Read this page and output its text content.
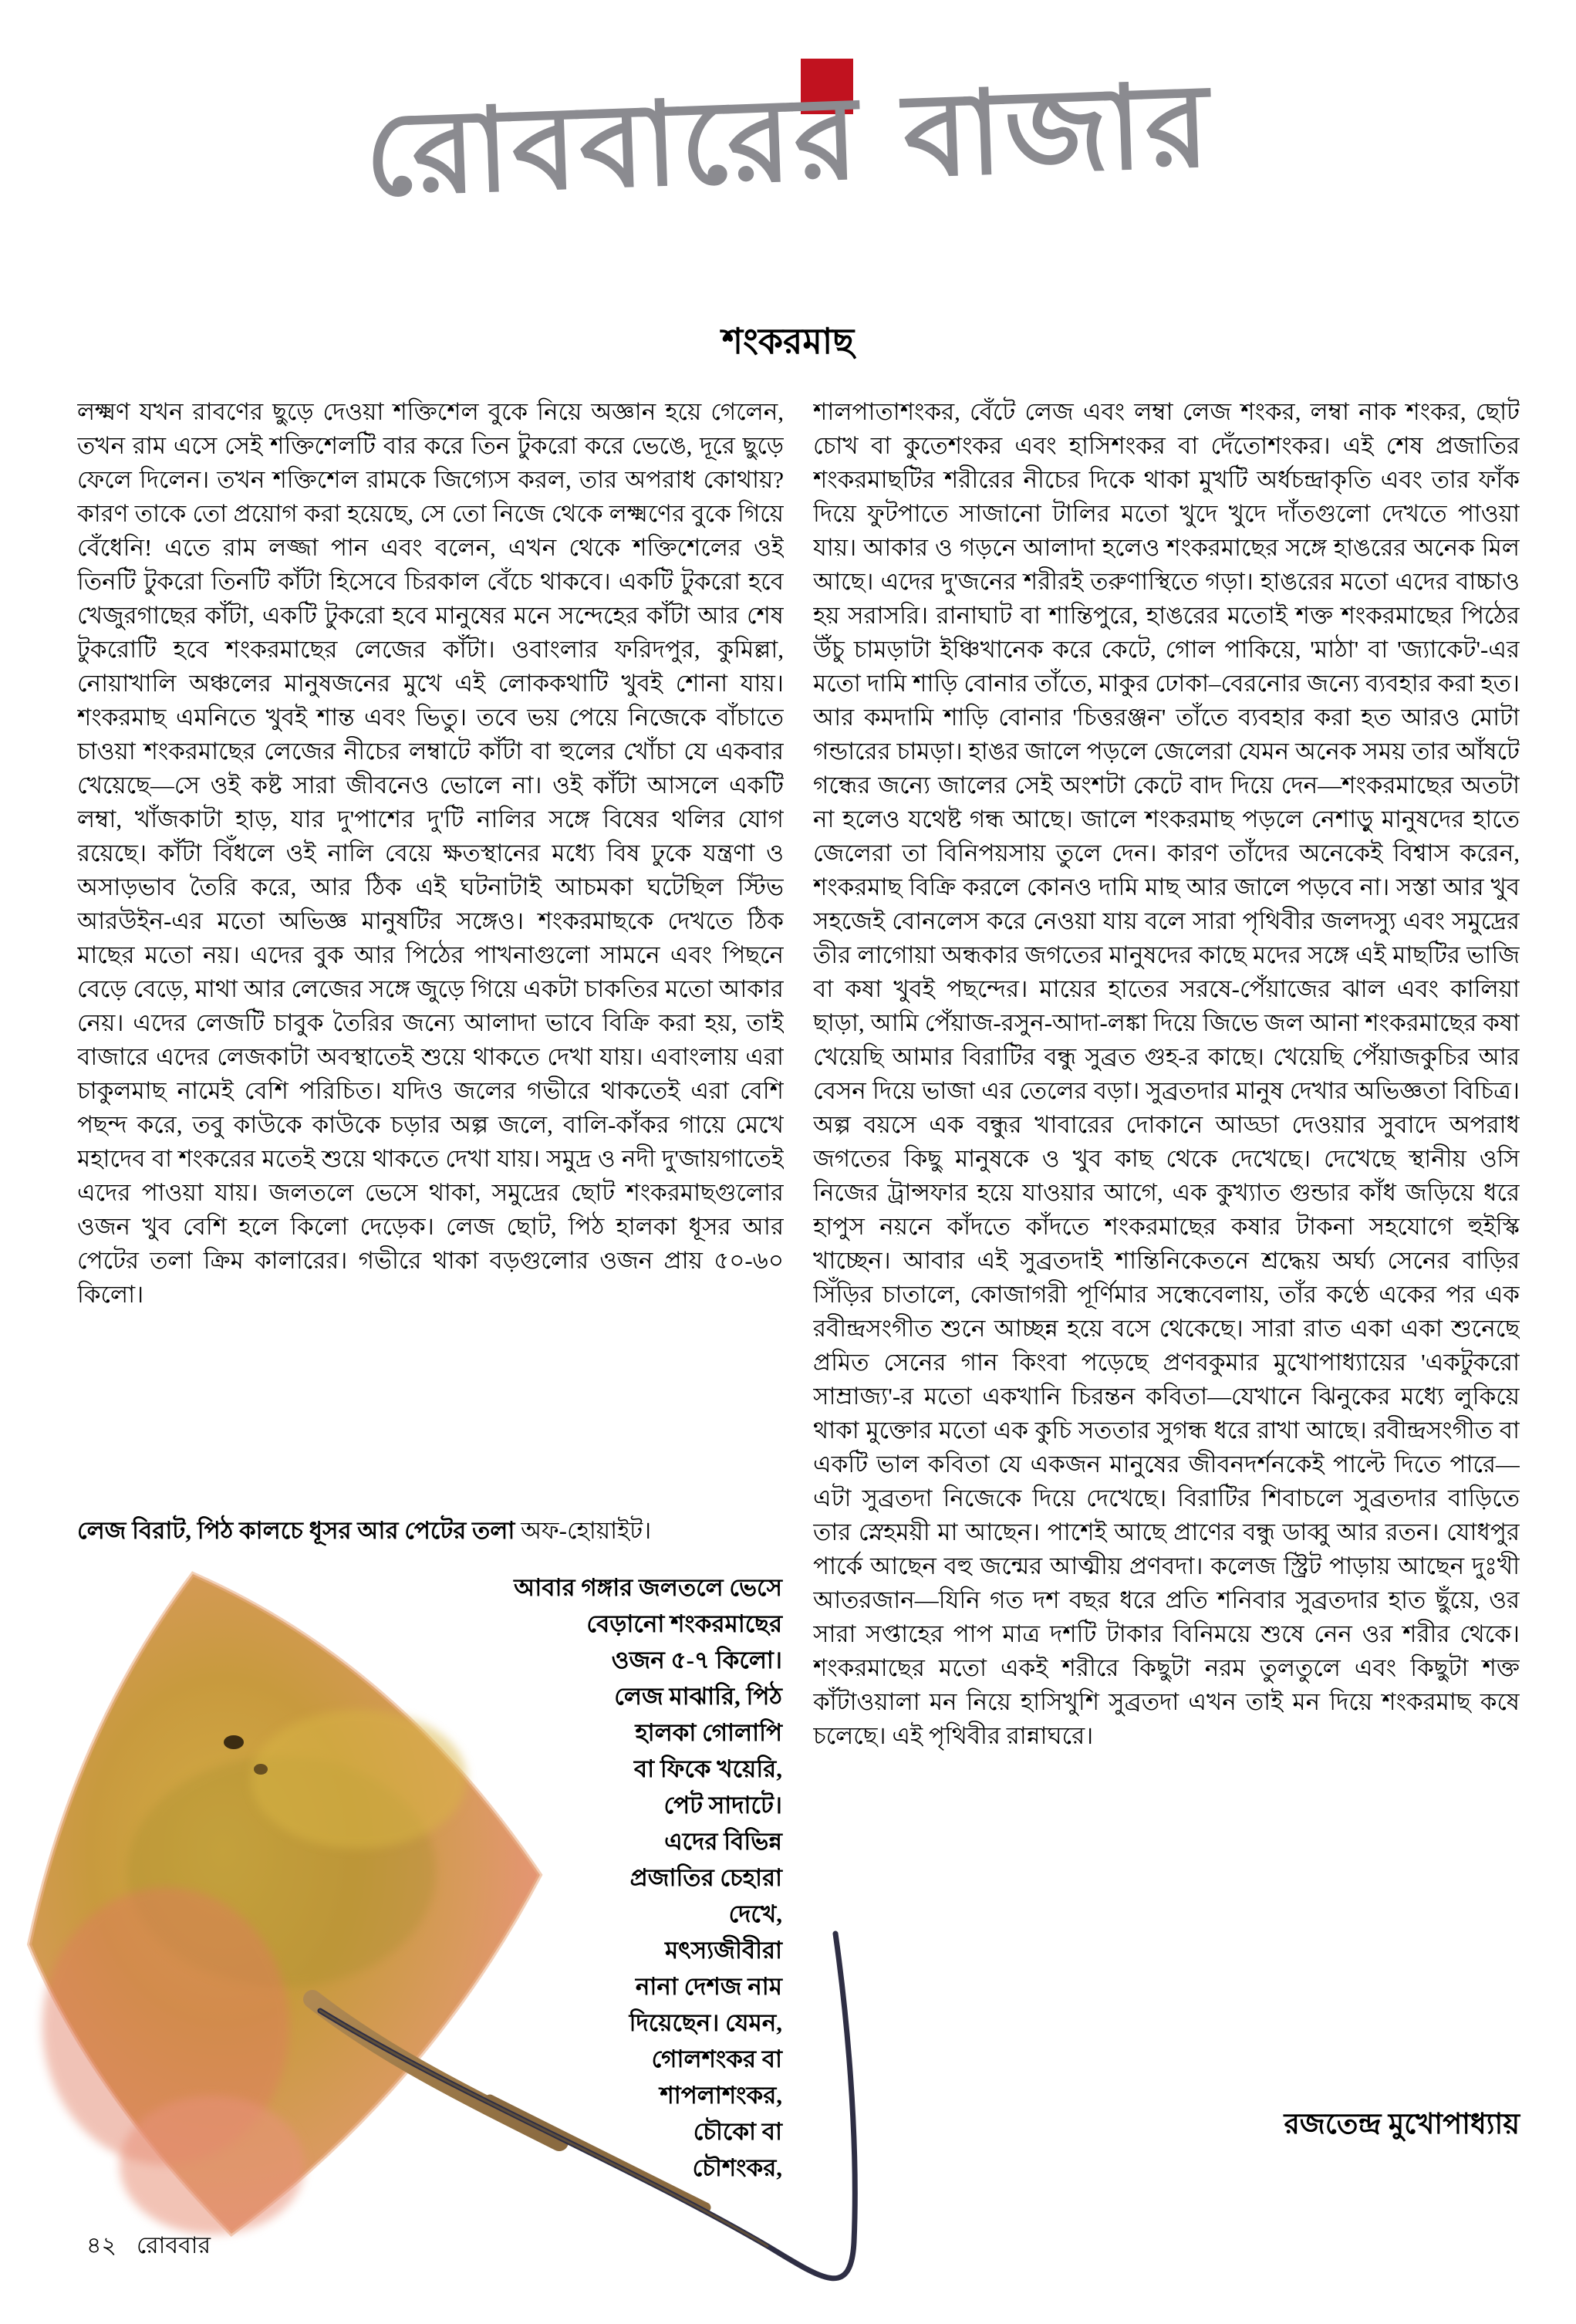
রোববারের বাজার
শংকরমাছ

লক্ষ্মণ যখন রাবণের ছুড়ে দেওয়া শক্তিশেল বুকে নিয়ে অজ্ঞান হয়ে গেলেন, তখন রাম এসে সেই শক্তিশেলটি বার করে তিন টুকরো করে ভেঙে, দূরে ছুড়ে ফেলে দিলেন। তখন শক্তিশেল রামকে জিগ্যেস করল, তার অপরাধ কোথায়? কারণ তাকে তো প্রয়োগ করা হয়েছে, সে তো নিজে থেকে লক্ষ্মণের বুকে গিয়ে বেঁধেনি! এতে রাম লজ্জা পান এবং বলেন, এখন থেকে শক্তিশেলের ওই তিনটি টুকরো তিনটি কাঁটা হিসেবে চিরকাল বেঁচে থাকবে। একটি টুকরো হবে খেজুরগাছের কাঁটা, একটি টুকরো হবে মানুষের মনে সন্দেহের কাঁটা আর শেষ টুকরোটি হবে শংকরমাছের লেজের কাঁটা। ওবাংলার ফরিদপুর, কুমিল্লা, নোয়াখালি অঞ্চলের মানুষজনের মুখে এই লোককথাটি খুবই শোনা যায়। শংকরমাছ এমনিতে খুবই শান্ত এবং ভিতু। তবে ভয় পেয়ে নিজেকে বাঁচাতে চাওয়া শংকরমাছের লেজের নীচের লম্বাটে কাঁটা বা হুলের খোঁচা যে একবার খেয়েছে—সে ওই কষ্ট সারা জীবনেও ভোলে না। ওই কাঁটা আসলে একটি লম্বা, খাঁজকাটা হাড়, যার দু'পাশের দু'টি নালির সঙ্গে বিষের থলির যোগ রয়েছে। কাঁটা বিঁধলে ওই নালি বেয়ে ক্ষতস্থানের মধ্যে বিষ ঢুকে যন্ত্রণা ও অসাড়ভাব তৈরি করে, আর ঠিক এই ঘটনাটাই আচমকা ঘটেছিল স্টিভ আরউইন-এর মতো অভিজ্ঞ মানুষটির সঙ্গেও। শংকরমাছকে দেখতে ঠিক মাছের মতো নয়। এদের বুক আর পিঠের পাখনাগুলো সামনে এবং পিছনে বেড়ে বেড়ে, মাথা আর লেজের সঙ্গে জুড়ে গিয়ে একটা চাকতির মতো আকার নেয়। এদের লেজটি চাবুক তৈরির জন্যে আলাদা ভাবে বিক্রি করা হয়, তাই বাজারে এদের লেজকাটা অবস্থাতেই শুয়ে থাকতে দেখা যায়। এবাংলায় এরা চাকুলমাছ নামেই বেশি পরিচিত। যদিও জলের গভীরে থাকতেই এরা বেশি পছন্দ করে, তবু কাউকে কাউকে চড়ার অল্প জলে, বালি-কাঁকর গায়ে মেখে মহাদেব বা শংকরের মতেই শুয়ে থাকতে দেখা যায়। সমুদ্র ও নদী দু'জায়গাতেই এদের পাওয়া যায়। জলতলে ভেসে থাকা, সমুদ্রের ছোট শংকরমাছগুলোর ওজন খুব বেশি হলে কিলো দেড়েক। লেজ ছোট, পিঠ হালকা ধূসর আর পেটের তলা ক্রিম কালারের। গভীরে থাকা বড়গুলোর ওজন প্রায় ৫০-৬০ কিলো।

লেজ বিরাট, পিঠ কালচে ধূসর আর পেটের তলা অফ-হোয়াইট।

আবার গঙ্গার জলতলে ভেসে
বেড়ানো শংকরমাছের
ওজন ৫-৭ কিলো।
লেজ মাঝারি, পিঠ
হালকা গোলাপি
বা ফিকে খয়েরি,
পেট সাদাটে।
এদের বিভিন্ন
প্রজাতির চেহারা
দেখে,
মৎস্যজীবীরা
নানা দেশজ নাম
দিয়েছেন। যেমন,
গোলশংকর বা
শাপলাশংকর,
চৌকো বা
চৌশংকর,

শালপাতাশংকর, বেঁটে লেজ এবং লম্বা লেজ শংকর, লম্বা নাক শংকর, ছোট চোখ বা কুতেশংকর এবং হাসিশংকর বা দেঁতোশংকর। এই শেষ প্রজাতির শংকরমাছটির শরীরের নীচের দিকে থাকা মুখটি অর্ধচন্দ্রাকৃতি এবং তার ফাঁক দিয়ে ফুটপাতে সাজানো টালির মতো খুদে খুদে দাঁতগুলো দেখতে পাওয়া যায়। আকার ও গড়নে আলাদা হলেও শংকরমাছের সঙ্গে হাঙরের অনেক মিল আছে। এদের দু'জনের শরীরই তরুণাস্থিতে গড়া। হাঙরের মতো এদের বাচ্চাও হয় সরাসরি। রানাঘাট বা শান্তিপুরে, হাঙরের মতোই শক্ত শংকরমাছের পিঠের উঁচু চামড়াটা ইঞ্চিখানেক করে কেটে, গোল পাকিয়ে, 'মাঠা' বা 'জ্যাকেট'-এর মতো দামি শাড়ি বোনার তাঁতে, মাকুর ঢোকা–বেরনোর জন্যে ব্যবহার করা হত। আর কমদামি শাড়ি বোনার 'চিত্তরঞ্জন' তাঁতে ব্যবহার করা হত আরও মোটা গন্ডারের চামড়া। হাঙর জালে পড়লে জেলেরা যেমন অনেক সময় তার আঁষটে গন্ধের জন্যে জালের সেই অংশটা কেটে বাদ দিয়ে দেন—শংকরমাছের অতটা না হলেও যথেষ্ট গন্ধ আছে। জালে শংকরমাছ পড়লে নেশাড়ু মানুষদের হাতে জেলেরা তা বিনিপয়সায় তুলে দেন। কারণ তাঁদের অনেকেই বিশ্বাস করেন, শংকরমাছ বিক্রি করলে কোনও দামি মাছ আর জালে পড়বে না। সস্তা আর খুব সহজেই বোনলেস করে নেওয়া যায় বলে সারা পৃথিবীর জলদস্যু এবং সমুদ্রের তীর লাগোয়া অন্ধকার জগতের মানুষদের কাছে মদের সঙ্গে এই মাছটির ভাজি বা কষা খুবই পছন্দের। মায়ের হাতের সরষে-পেঁয়াজের ঝাল এবং কালিয়া ছাড়া, আমি পেঁয়াজ-রসুন-আদা-লঙ্কা দিয়ে জিভে জল আনা শংকরমাছের কষা খেয়েছি আমার বিরাটির বন্ধু সুব্রত গুহ-র কাছে। খেয়েছি পেঁয়াজকুচির আর বেসন দিয়ে ভাজা এর তেলের বড়া। সুব্রতদার মানুষ দেখার অভিজ্ঞতা বিচিত্র। অল্প বয়সে এক বন্ধুর খাবারের দোকানে আড্ডা দেওয়ার সুবাদে অপরাধ জগতের কিছু মানুষকে ও খুব কাছ থেকে দেখেছে। দেখেছে স্থানীয় ওসি নিজের ট্রান্সফার হয়ে যাওয়ার আগে, এক কুখ্যাত গুন্ডার কাঁধ জড়িয়ে ধরে হাপুস নয়নে কাঁদতে কাঁদতে শংকরমাছের কষার টাকনা সহযোগে হুইস্কি খাচ্ছেন। আবার এই সুব্রতদাই শান্তিনিকেতনে শ্রদ্ধেয় অর্ঘ্য সেনের বাড়ির সিঁড়ির চাতালে, কোজাগরী পূর্ণিমার সন্ধেবেলায়, তাঁর কণ্ঠে একের পর এক রবীন্দ্রসংগীত শুনে আচ্ছন্ন হয়ে বসে থেকেছে। সারা রাত একা একা শুনেছে প্রমিত সেনের গান কিংবা পড়েছে প্রণবকুমার মুখোপাধ্যায়ের 'একটুকরো সাম্রাজ্য'-র মতো একখানি চিরন্তন কবিতা—যেখানে ঝিনুকের মধ্যে লুকিয়ে থাকা মুক্তোর মতো এক কুচি সততার সুগন্ধ ধরে রাখা আছে। রবীন্দ্রসংগীত বা একটি ভাল কবিতা যে একজন মানুষের জীবনদর্শনকেই পাল্টে দিতে পারে—এটা সুব্রতদা নিজেকে দিয়ে দেখেছে। বিরাটির শিবাচলে সুব্রতদার বাড়িতে তার স্নেহময়ী মা আছেন। পাশেই আছে প্রাণের বন্ধু ডাব্বু আর রতন। যোধপুর পার্কে আছেন বহু জন্মের আত্মীয় প্রণবদা। কলেজ স্ট্রিট পাড়ায় আছেন দুঃখী আতরজান—যিনি গত দশ বছর ধরে প্রতি শনিবার সুব্রতদার হাত ছুঁয়ে, ওর সারা সপ্তাহের পাপ মাত্র দশটি টাকার বিনিময়ে শুষে নেন ওর শরীর থেকে। শংকরমাছের মতো একই শরীরে কিছুটা নরম তুলতুলে এবং কিছুটা শক্ত কাঁটাওয়ালা মন নিয়ে হাসিখুশি সুব্রতদা এখন তাই মন দিয়ে শংকরমাছ কষে চলেছে। এই পৃথিবীর রান্নাঘরে।

রজতেন্দ্র মুখোপাধ্যায়

৪২ রোববার
